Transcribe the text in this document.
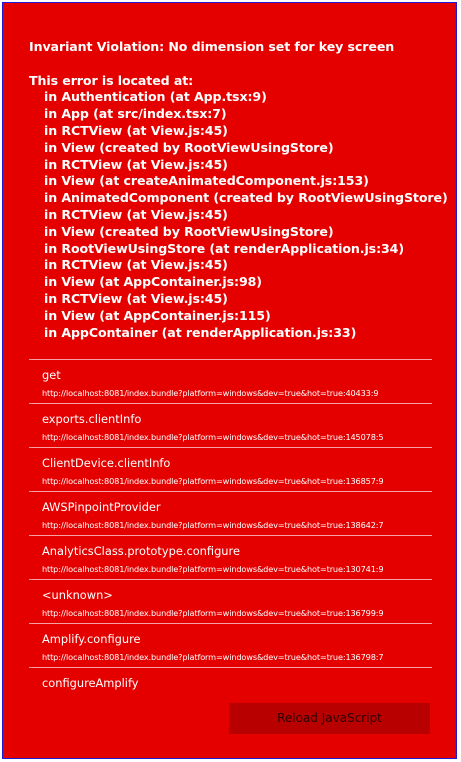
Invariant Violation: No dimension set for key screen
This error is located at:
in Authentication (at App.tsx:9)
in App (at src/index.tsx:7)
in RCTView (at View.js:45)
in View (created by RootViewUsingStore)
in RCTView (at View.js:45)
in View (at createAnimatedComponent.js:153)
in AnimatedComponent (created by RootViewUsingStore)
in RCTView (at View.js:45)
in View (created by RootViewUsingStore)
in RootViewUsingStore (at renderApplication.js:34)
in RCTView (at View.js:45)
in View (at AppContainer.js:98)
in RCTView (at View.js:45)
in View (at AppContainer.js:115)
in AppContainer (at renderApplication.js:33)
get
http://localhost:8081/index.bundle?platform=windows&dev=true&hot=true:40433:9
exports.clientInfo
http://localhost:8081/index.bundle?platform=windows&dev=true&hot=true:145078:5
ClientDevice.clientInfo
http://localhost:8081/index.bundle?platform=windows&dev=true&hot=true:136857:9
AWSPinpointProvider
http://localhost:8081/index.bundle?platform=windows&dev=true&hot=true:138642:7
AnalyticsClass.prototype.configure
http://localhost:8081/index.bundle?platform=windows&dev=true&hot=true:130741:9
<unknown>
http://localhost:8081/index.bundle?platform=windows&dev=true&hot=true:136799:9
Amplify.configure
http://localhost:8081/index.bundle?platform=windows&dev=true&hot=true:136798:7
configureAmplify
Reload JavaScript
